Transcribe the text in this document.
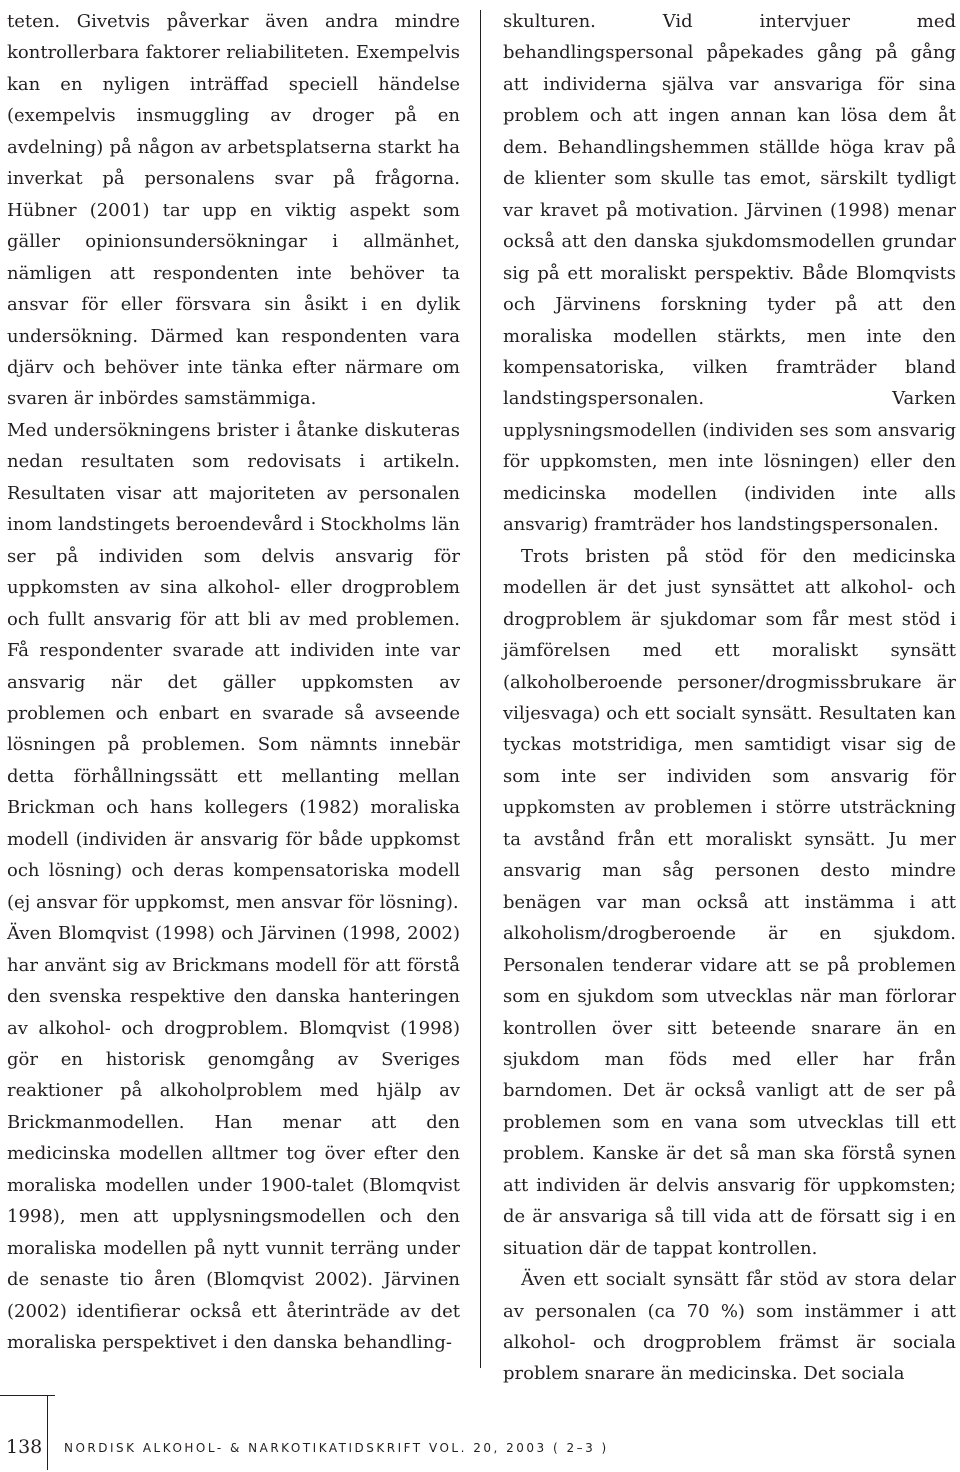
teten. Givetvis påverkar även andra mindre kontrollerbara faktorer reliabiliteten. Exempelvis kan en nyligen inträffad speciell händelse (exempelvis insmuggling av droger på en avdelning) på någon av arbetsplatserna starkt ha inverkat på personalens svar på frågorna. Hübner (2001) tar upp en viktig aspekt som gäller opinionsundersökningar i allmänhet, nämligen att respondenten inte behöver ta ansvar för eller försvara sin åsikt i en dylik undersökning. Därmed kan respondenten vara djärv och behöver inte tänka efter närmare om svaren är inbördes samstämmiga.

Med undersökningens brister i åtanke diskuteras nedan resultaten som redovisats i artikeln. Resultaten visar att majoriteten av personalen inom landstingets beroendevård i Stockholms län ser på individen som delvis ansvarig för uppkomsten av sina alkohol- eller drogproblem och fullt ansvarig för att bli av med problemen. Få respondenter svarade att individen inte var ansvarig när det gäller uppkomsten av problemen och enbart en svarade så avseende lösningen på problemen. Som nämnts innebär detta förhållningssätt ett mellanting mellan Brickman och hans kollegers (1982) moraliska modell (individen är ansvarig för både uppkomst och lösning) och deras kompensatoriska modell (ej ansvar för uppkomst, men ansvar för lösning).

Även Blomqvist (1998) och Järvinen (1998, 2002) har använt sig av Brickmans modell för att förstå den svenska respektive den danska hanteringen av alkohol- och drogproblem. Blomqvist (1998) gör en historisk genomgång av Sveriges reaktioner på alkoholproblem med hjälp av Brickmanmodellen. Han menar att den medicinska modellen alltmer tog över efter den moraliska modellen under 1900-talet (Blomqvist 1998), men att upplysningsmodellen och den moraliska modellen på nytt vunnit terräng under de senaste tio åren (Blomqvist 2002). Järvinen (2002) identifierar också ett återinträde av det moraliska perspektivet i den danska behandling-

skulturen. Vid intervjuer med behandlingspersonal påpekades gång på gång att individerna själva var ansvariga för sina problem och att ingen annan kan lösa dem åt dem. Behandlingshemmen ställde höga krav på de klienter som skulle tas emot, särskilt tydligt var kravet på motivation. Järvinen (1998) menar också att den danska sjukdomsmodellen grundar sig på ett moraliskt perspektiv. Både Blomqvists och Järvinens forskning tyder på att den moraliska modellen stärkts, men inte den kompensatoriska, vilken framträder bland landstingspersonalen. Varken upplysningsmodellen (individen ses som ansvarig för uppkomsten, men inte lösningen) eller den medicinska modellen (individen inte alls ansvarig) framträder hos landstingspersonalen.

Trots bristen på stöd för den medicinska modellen är det just synsättet att alkohol- och drogproblem är sjukdomar som får mest stöd i jämförelsen med ett moraliskt synsätt (alkoholberoende personer/drogmissbrukare är viljesvaga) och ett socialt synsätt. Resultaten kan tyckas motstridiga, men samtidigt visar sig de som inte ser individen som ansvarig för uppkomsten av problemen i större utsträckning ta avstånd från ett moraliskt synsätt. Ju mer ansvarig man såg personen desto mindre benägen var man också att instämma i att alkoholism/drogberoende är en sjukdom. Personalen tenderar vidare att se på problemen som en sjukdom som utvecklas när man förlorar kontrollen över sitt beteende snarare än en sjukdom man föds med eller har från barndomen. Det är också vanligt att de ser på problemen som en vana som utvecklas till ett problem. Kanske är det så man ska förstå synen att individen är delvis ansvarig för uppkomsten; de är ansvariga så till vida att de försatt sig i en situation där de tappat kontrollen.

Även ett socialt synsätt får stöd av stora delar av personalen (ca 70 %) som instämmer i att alkohol- och drogproblem främst är sociala problem snarare än medicinska. Det sociala

138 NORDISK ALKOHOL- & NARKOTIKATIDSKRIFT VOL. 20, 2003 ( 2–3 )
